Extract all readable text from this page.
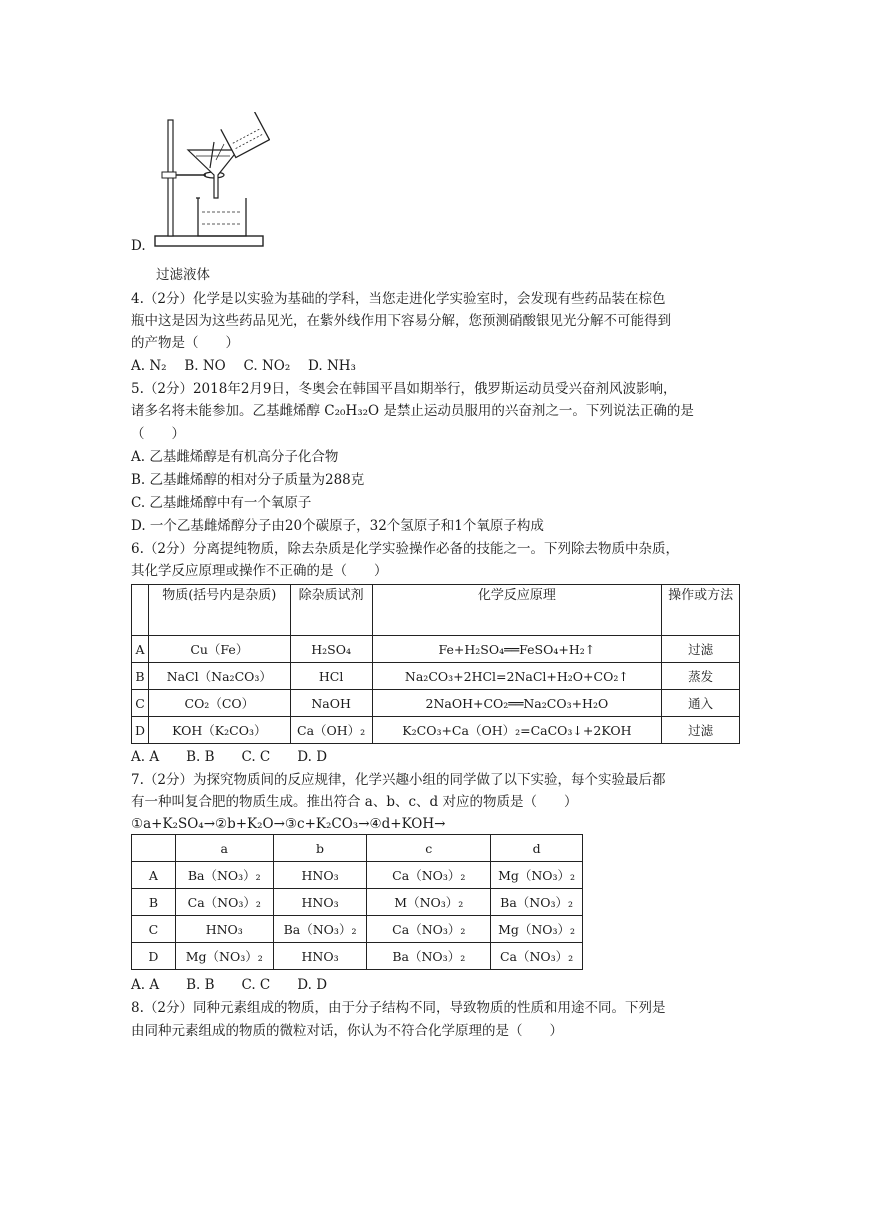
D.
过滤液体
4.（2分）化学是以实验为基础的学科，当您走进化学实验室时，会发现有些药品装在棕色
瓶中这是因为这些药品见光，在紫外线作用下容易分解，您预测硝酸银见光分解不可能得到
的产物是（　　）
A. N₂　 B. NO　 C. NO₂　 D. NH₃
5.（2分）2018年2月9日，冬奥会在韩国平昌如期举行，俄罗斯运动员受兴奋剂风波影响，
诸多名将未能参加。乙基雌烯醇 C₂₀H₃₂O 是禁止运动员服用的兴奋剂之一。下列说法正确的是
（　　）
A. 乙基雌烯醇是有机高分子化合物
B. 乙基雌烯醇的相对分子质量为288克
C. 乙基雌烯醇中有一个氧原子
D. 一个乙基雌烯醇分子由20个碳原子，32个氢原子和1个氧原子构成
6.（2分）分离提纯物质，除去杂质是化学实验操作必备的技能之一。下列除去物质中杂质，
其化学反应原理或操作不正确的是（　　）
	物质(括号内是杂质)	除杂质试剂	化学反应原理	操作或方法
A	Cu（Fe）	H₂SO₄	Fe+H₂SO₄══FeSO₄+H₂↑	过滤
B	NaCl（Na₂CO₃）	HCl	Na₂CO₃+2HCl=2NaCl+H₂O+CO₂↑	蒸发
C	CO₂（CO）	NaOH	2NaOH+CO₂══Na₂CO₃+H₂O	通入
D	KOH（K₂CO₃）	Ca（OH）₂	K₂CO₃+Ca（OH）₂=CaCO₃↓+2KOH	过滤
A. A　　B. B　　C. C　　D. D
7.（2分）为探究物质间的反应规律，化学兴趣小组的同学做了以下实验，每个实验最后都
有一种叫复合肥的物质生成。推出符合 a、b、c、d 对应的物质是（　　）
①a+K₂SO₄→②b+K₂O→③c+K₂CO₃→④d+KOH→
	a	b	c	d
A	Ba（NO₃）₂	HNO₃	Ca（NO₃）₂	Mg（NO₃）₂
B	Ca（NO₃）₂	HNO₃	M（NO₃）₂	Ba（NO₃）₂
C	HNO₃	Ba（NO₃）₂	Ca（NO₃）₂	Mg（NO₃）₂
D	Mg（NO₃）₂	HNO₃	Ba（NO₃）₂	Ca（NO₃）₂
A. A　　B. B　　C. C　　D. D
8.（2分）同种元素组成的物质，由于分子结构不同，导致物质的性质和用途不同。下列是
由同种元素组成的物质的微粒对话，你认为不符合化学原理的是（　　）
